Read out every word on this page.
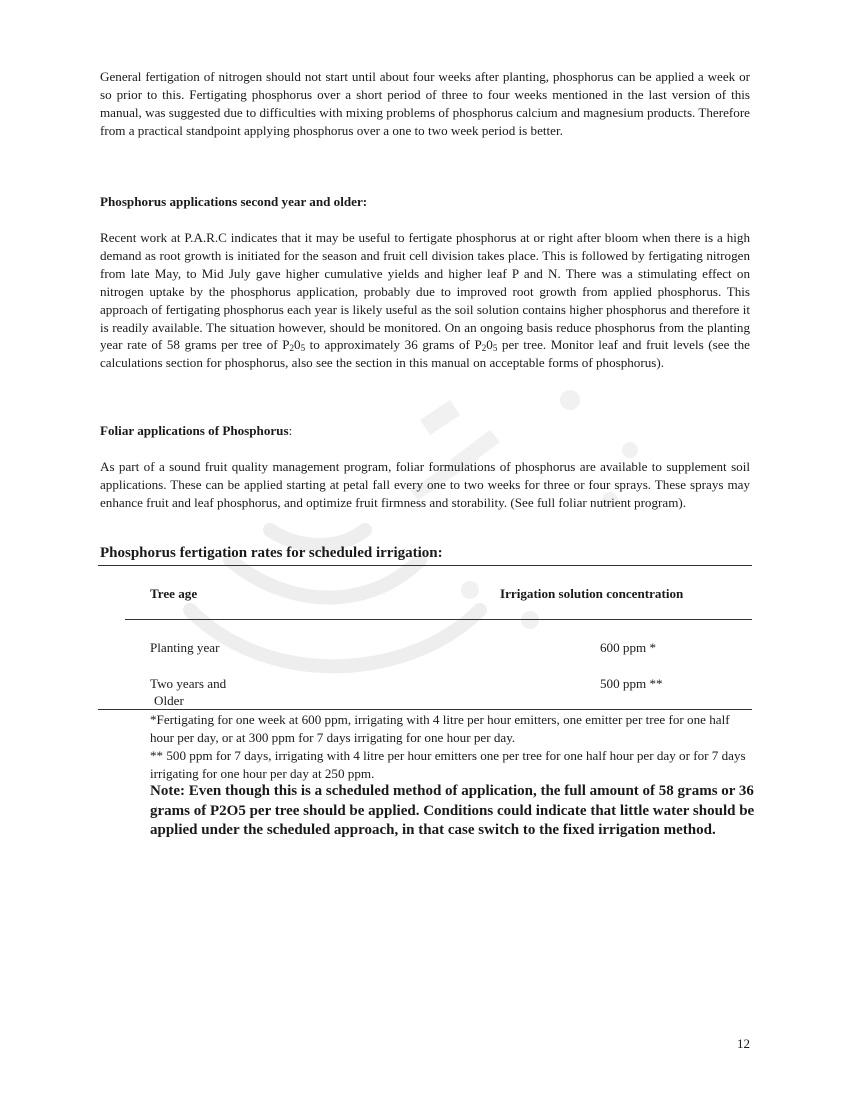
General fertigation of nitrogen should not start until about four weeks after planting, phosphorus can be applied a week or so prior to this. Fertigating phosphorus over a short period of three to four weeks mentioned in the last version of this manual, was suggested due to difficulties with mixing problems of phosphorus calcium and magnesium products. Therefore from a practical standpoint applying phosphorus over a one to two week period is better.

Phosphorus applications second year and older:

Recent work at P.A.R.C indicates that it may be useful to fertigate phosphorus at or right after bloom when there is a high demand as root growth is initiated for the season and fruit cell division takes place. This is followed by fertigating nitrogen from late May, to Mid July gave higher cumulative yields and higher leaf P and N. There was a stimulating effect on nitrogen uptake by the phosphorus application, probably due to improved root growth from applied phosphorus. This approach of fertigating phosphorus each year is likely useful as the soil solution contains higher phosphorus and therefore it is readily available. The situation however, should be monitored. On an ongoing basis reduce phosphorus from the planting year rate of 58 grams per tree of $P_20_5$ to approximately 36 grams of $P_20_5$ per tree. Monitor leaf and fruit levels (see the calculations section for phosphorus, also see the section in this manual on acceptable forms of phosphorus).

Foliar applications of Phosphorus:

As part of a sound fruit quality management program, foliar formulations of phosphorus are available to supplement soil applications. These can be applied starting at petal fall every one to two weeks for three or four sprays. These sprays may enhance fruit and leaf phosphorus, and optimize fruit firmness and storability. (See full foliar nutrient program).

Phosphorus fertigation rates for scheduled irrigation:

Tree age	Irrigation solution concentration

Planting year	600 ppm *

Two years and

Older

500 ppm **

*Fertigating for one week at 600 ppm, irrigating with 4 litre per hour emitters, one emitter per tree for one half hour per day, or at 300 ppm for 7 days irrigating for one hour per day.

** 500 ppm for 7 days, irrigating with 4 litre per hour emitters one per tree for one half hour per day or for 7 days irrigating for one hour per day at 250 ppm.

Note: Even though this is a scheduled method of application, the full amount of 58 grams or 36 grams of P2O5 per tree should be applied. Conditions could indicate that little water should be applied under the scheduled approach, in that case switch to the fixed irrigation method.

12
